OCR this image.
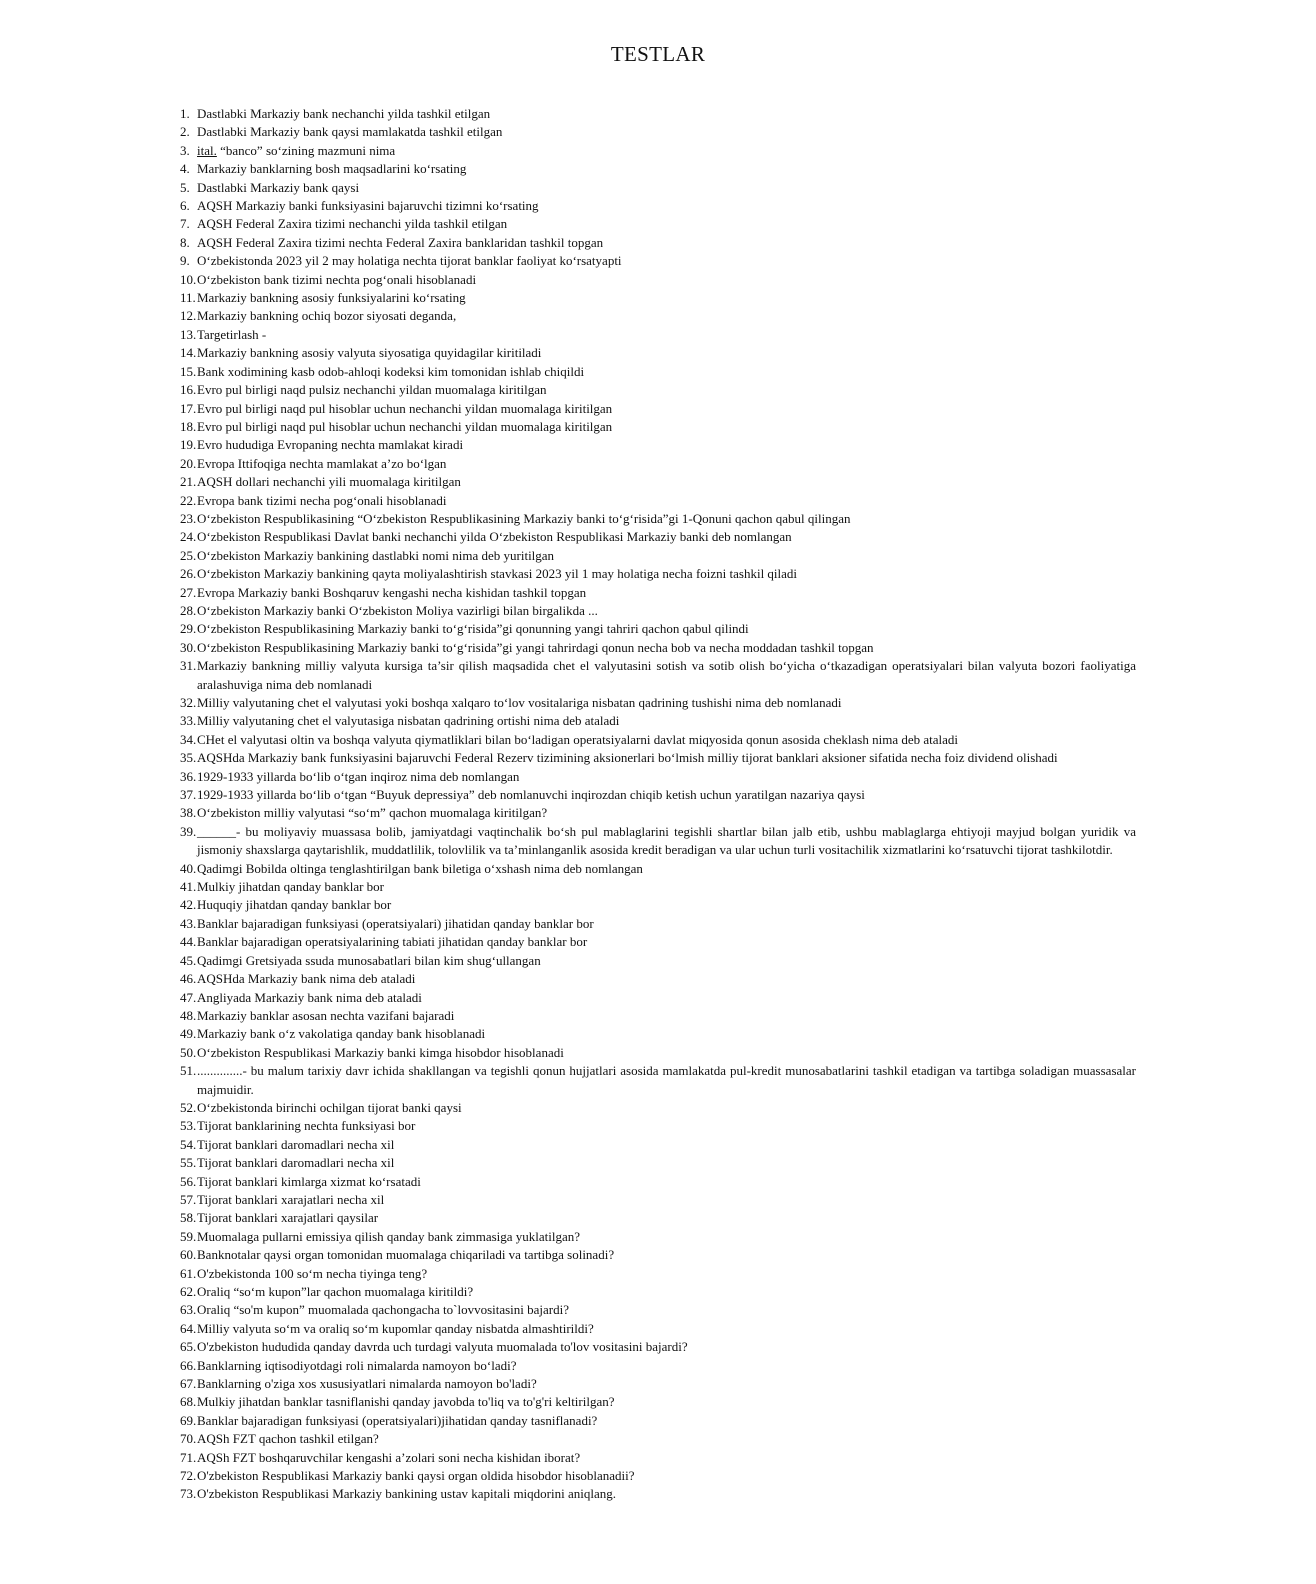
TESTLAR
1. Dastlabki Markaziy bank nechanchi yilda tashkil etilgan
2. Dastlabki Markaziy bank qaysi mamlakatda tashkil etilgan
3. ital. “banco” so‘zining mazmuni nima
4. Markaziy banklarning bosh maqsadlarini ko‘rsating
5. Dastlabki Markaziy bank qaysi
6. AQSH Markaziy banki funksiyasini bajaruvchi tizimni ko‘rsating
7. AQSH Federal Zaxira tizimi nechanchi yilda tashkil etilgan
8. AQSH Federal Zaxira tizimi nechta Federal Zaxira banklaridan tashkil topgan
9. O‘zbekistonda 2023 yil 2 may holatiga nechta tijorat banklar faoliyat ko‘rsatyapti
10. O‘zbekiston bank tizimi nechta pog‘onali hisoblanadi
11. Markaziy bankning asosiy funksiyalarini ko‘rsating
12. Markaziy bankning ochiq bozor siyosati deganda,
13. Targetirlash -
14. Markaziy bankning asosiy valyuta siyosatiga quyidagilar kiritiladi
15. Bank xodimining kasb odob-ahloqi kodeksi kim tomonidan ishlab chiqildi
16. Evro pul birligi naqd pulsiz nechanchi yildan muomalaga kiritilgan
17. Evro pul birligi naqd pul hisoblar uchun nechanchi yildan muomalaga kiritilgan
18. Evro pul birligi naqd pul hisoblar uchun nechanchi yildan muomalaga kiritilgan
19. Evro hududiga Evropaning nechta mamlakat kiradi
20. Evropa Ittifoqiga nechta mamlakat a’zo bo‘lgan
21. AQSH dollari nechanchi yili muomalaga kiritilgan
22. Evropa bank tizimi necha pog‘onali hisoblanadi
23. O‘zbekiston Respublikasining “O‘zbekiston Respublikasining Markaziy banki to‘g‘risida”gi 1-Qonuni qachon qabul qilingan
24. O‘zbekiston Respublikasi Davlat banki nechanchi yilda O‘zbekiston Respublikasi Markaziy banki deb nomlangan
25. O‘zbekiston Markaziy bankining dastlabki nomi nima deb yuritilgan
26. O‘zbekiston Markaziy bankining qayta moliyalashtirish stavkasi 2023 yil 1 may holatiga necha foizni tashkil qiladi
27. Evropa Markaziy banki Boshqaruv kengashi necha kishidan tashkil topgan
28. O‘zbekiston Markaziy banki O‘zbekiston Moliya vazirligi bilan birgalikda ...
29. O‘zbekiston Respublikasining Markaziy banki to‘g‘risida”gi qonunning yangi tahriri qachon qabul qilindi
30. O‘zbekiston Respublikasining Markaziy banki to‘g‘risida”gi yangi tahrirdagi qonun necha bob va necha moddadan tashkil topgan
31. Markaziy bankning milliy valyuta kursiga ta’sir qilish maqsadida chet el valyutasini sotish va sotib olish bo‘yicha o‘tkazadigan operatsiyalari bilan valyuta bozori faoliyatiga aralashuviga nima deb nomlanadi
32. Milliy valyutaning chet el valyutasi yoki boshqa xalqaro to‘lov vositalariga nisbatan qadrining tushishi nima deb nomlanadi
33. Milliy valyutaning chet el valyutasiga nisbatan qadrining ortishi nima deb ataladi
34. CHet el valyutasi oltin va boshqa valyuta qiymatliklari bilan bo‘ladigan operatsiyalarni davlat miqyosida qonun asosida cheklash nima deb ataladi
35. AQSHda Markaziy bank funksiyasini bajaruvchi Federal Rezerv tizimining aksionerlari bo‘lmish milliy tijorat banklari aksioner sifatida necha foiz dividend olishadi
36. 1929-1933 yillarda bo‘lib o‘tgan inqiroz nima deb nomlangan
37. 1929-1933 yillarda bo‘lib o‘tgan “Buyuk depressiya” deb nomlanuvchi inqirozdan chiqib ketish uchun yaratilgan nazariya qaysi
38. O‘zbekiston milliy valyutasi “so‘m” qachon muomalaga kiritilgan?
39. ______- bu moliyaviy muassasa bolib, jamiyatdagi vaqtinchalik bo‘sh pul mablaglarini tegishli shartlar bilan jalb etib, ushbu mablaglarga ehtiyoji mayjud bolgan yuridik va jismoniy shaxslarga qaytarishlik, muddatlilik, tolovlilik va ta’minlanganlik asosida kredit beradigan va ular uchun turli vositachilik xizmatlarini ko‘rsatuvchi tijorat tashkilotdir.
40. Qadimgi Bobilda oltinga tenglashtirilgan bank biletiga o‘xshash nima deb nomlangan
41. Mulkiy jihatdan qanday banklar bor
42. Huquqiy jihatdan qanday banklar bor
43. Banklar bajaradigan funksiyasi (operatsiyalari) jihatidan qanday banklar bor
44. Banklar bajaradigan operatsiyalarining tabiati jihatidan qanday banklar bor
45. Qadimgi Gretsiyada ssuda munosabatlari bilan kim shug‘ullangan
46. AQSHda Markaziy bank nima deb ataladi
47. Angliyada Markaziy bank nima deb ataladi
48. Markaziy banklar asosan nechta vazifani bajaradi
49. Markaziy bank o‘z vakolatiga qanday bank hisoblanadi
50. O‘zbekiston Respublikasi Markaziy banki kimga hisobdor hisoblanadi
51. ..............- bu malum tarixiy davr ichida shakllangan va tegishli qonun hujjatlari asosida mamlakatda pul-kredit munosabatlarini tashkil etadigan va tartibga soladigan muassasalar majmuidir.
52. O‘zbekistonda birinchi ochilgan tijorat banki qaysi
53. Tijorat banklarining nechta funksiyasi bor
54. Tijorat banklari daromadlari necha xil
55. Tijorat banklari daromadlari necha xil
56. Tijorat banklari kimlarga xizmat ko‘rsatadi
57. Tijorat banklari xarajatlari necha xil
58. Tijorat banklari xarajatlari qaysilar
59. Muomalaga pullarni emissiya qilish qanday bank zimmasiga yuklatilgan?
60. Banknotalar qaysi organ tomonidan muomalaga chiqariladi va tartibga solinadi?
61. O'zbekistonda 100 so‘m necha tiyinga teng?
62. Oraliq “so‘m kupon”lar qachon muomalaga kiritildi?
63. Oraliq “so'm kupon” muomalada qachongacha to`lovvositasini bajardi?
64. Milliy valyuta so‘m va oraliq so‘m kupomlar qanday nisbatda almashtirildi?
65. O'zbekiston hududida qanday davrda uch turdagi valyuta muomalada to'lov vositasini bajardi?
66. Banklarning iqtisodiyotdagi roli nimalarda namoyon bo‘ladi?
67. Banklarning o'ziga xos xususiyatlari nimalarda namoyon bo'ladi?
68. Mulkiy jihatdan banklar tasniflanishi qanday javobda to'liq va to'g'ri keltirilgan?
69. Banklar bajaradigan funksiyasi (operatsiyalari)jihatidan qanday tasniflanadi?
70. AQSh FZT qachon tashkil etilgan?
71. AQSh FZT boshqaruvchilar kengashi a’zolari soni necha kishidan iborat?
72. O'zbekiston Respublikasi Markaziy banki qaysi organ oldida hisobdor hisoblanadii?
73. O'zbekiston Respublikasi Markaziy bankining ustav kapitali miqdorini aniqlang.
